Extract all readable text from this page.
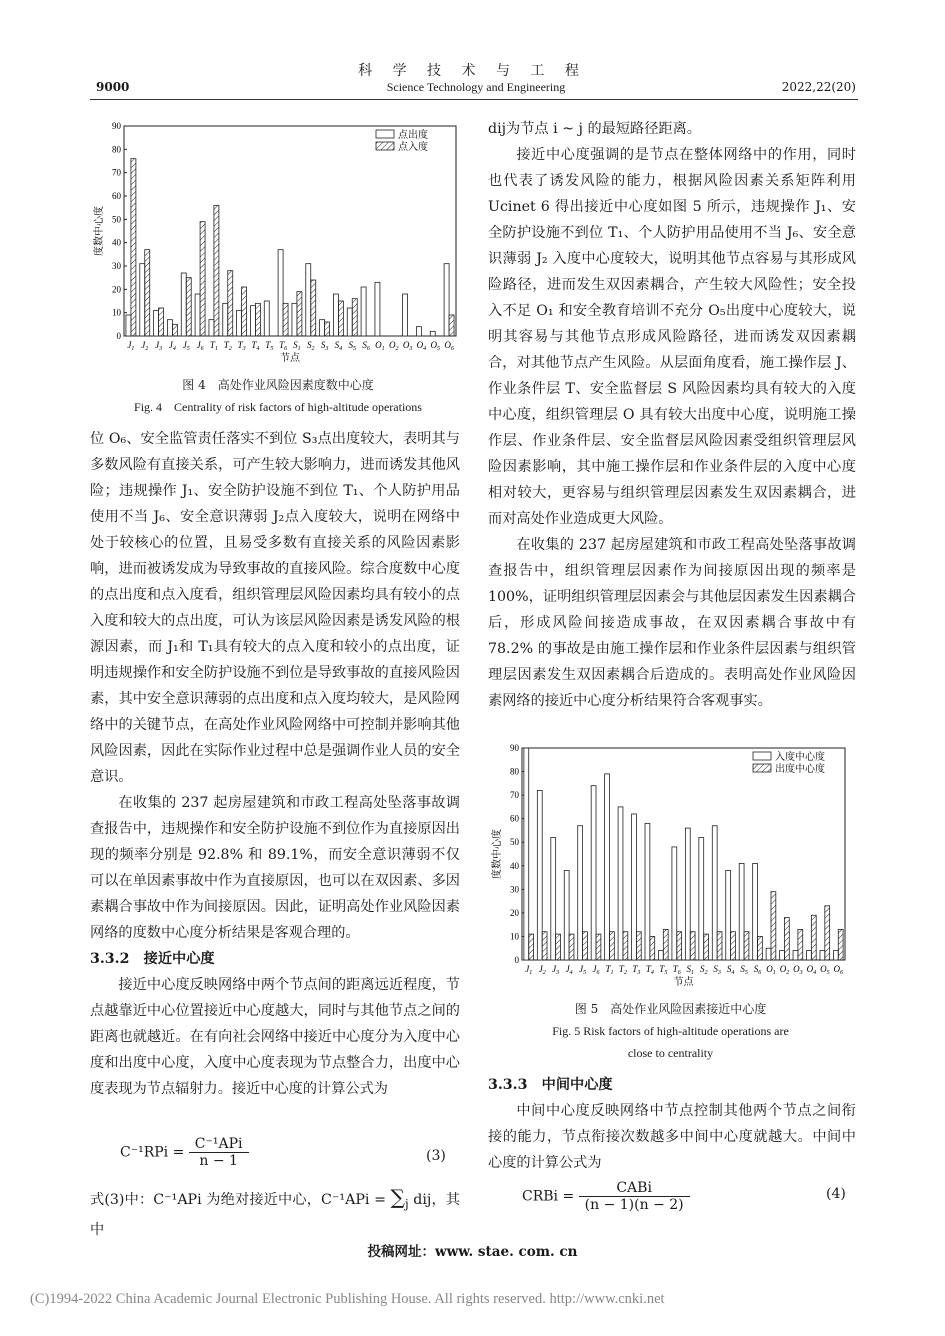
科 学 技 术 与 工 程
9000	Science Technology and Engineering	2022,22(20)
0
10
20
30
40
50
60
70
80
90
$J_1$ $J_2$ $J_3$ $J_4$ $J_5$ $J_6$ $T_1$ $T_2$ $T_3$ $T_4$ $T_5$ $T_6$ $S_1$ $S_2$ $S_3$ $S_4$ $S_5$ $S_6$ $O_1$ $O_2$ $O_3$ $O_4$ $O_5$ $O_6$
节点
度数中心度
点出度
点入度
图 4　高处作业风险因素度数中心度
Fig. 4　Centrality of risk factors of high-altitude operations

位 O₆、安全监管责任落实不到位 S₃点出度较大，表明其与多数风险有直接关系，可产生较大影响力，进而诱发其他风险；违规操作 J₁、安全防护设施不到位 T₁、个人防护用品使用不当 J₆、安全意识薄弱 J₂点入度较大，说明在网络中处于较核心的位置，且易受多数有直接关系的风险因素影响，进而被诱发成为导致事故的直接风险。综合度数中心度的点出度和点入度看，组织管理层风险因素均具有较小的点入度和较大的点出度，可认为该层风险因素是诱发风险的根源因素，而 J₁和 T₁具有较大的点入度和较小的点出度，证明违规操作和安全防护设施不到位是导致事故的直接风险因素，其中安全意识薄弱的点出度和点入度均较大，是风险网络中的关键节点，在高处作业风险网络中可控制并影响其他风险因素，因此在实际作业过程中总是强调作业人员的安全意识。

在收集的 237 起房屋建筑和市政工程高处坠落事故调查报告中，违规操作和安全防护设施不到位作为直接原因出现的频率分别是 92.8% 和 89.1%，而安全意识薄弱不仅可以在单因素事故中作为直接原因，也可以在双因素、多因素耦合事故中作为间接原因。因此，证明高处作业风险因素网络的度数中心度分析结果是客观合理的。

3.3.2　接近中心度

接近中心度反映网络中两个节点间的距离远近程度，节点越靠近中心位置接近中心度越大，同时与其他节点之间的距离也就越近。在有向社会网络中接近中心度分为入度中心度和出度中心度，入度中心度表现为节点整合力，出度中心度表现为节点辐射力。接近中心度的计算公式为

$C^{-1}RPi = \frac{\text{C⁻¹APi}}{n - 1}$	(3)
式(3)中：C⁻¹APi 为绝对接近中心，$C^{-1}APi = \sum_j$ dij，其中

dij为节点 i ~ j 的最短路径距离。

接近中心度强调的是节点在整体网络中的作用，同时也代表了诱发风险的能力，根据风险因素关系矩阵利用 Ucinet 6 得出接近中心度如图 5 所示，违规操作 J₁、安全防护设施不到位 T₁、个人防护用品使用不当 J₆、安全意识薄弱 J₂ 入度中心度较大，说明其他节点容易与其形成风险路径，进而发生双因素耦合，产生较大风险性；安全投入不足 O₁ 和安全教育培训不充分 O₅出度中心度较大，说明其容易与其他节点形成风险路径，进而诱发双因素耦合，对其他节点产生风险。从层面角度看，施工操作层 J、作业条件层 T、安全监督层 S 风险因素均具有较大的入度中心度，组织管理层 O 具有较大出度中心度，说明施工操作层、作业条件层、安全监督层风险因素受组织管理层风险因素影响，其中施工操作层和作业条件层的入度中心度相对较大，更容易与组织管理层因素发生双因素耦合，进而对高处作业造成更大风险。

在收集的 237 起房屋建筑和市政工程高处坠落事故调查报告中，组织管理层因素作为间接原因出现的频率是 100%，证明组织管理层因素会与其他层因素发生因素耦合后，形成风险间接造成事故，在双因素耦合事故中有 78.2% 的事故是由施工操作层和作业条件层因素与组织管理层因素发生双因素耦合后造成的。表明高处作业风险因素网络的接近中心度分析结果符合客观事实。

0
10
20
30
40
50
60
70
80
90
$J_1$ $J_2$ $J_3$ $J_4$ $J_5$ $J_6$ $T_1$ $T_2$ $T_3$ $T_4$ $T_5$ $T_6$ $S_1$ $S_2$ $S_3$ $S_4$ $S_5$ $S_6$ $O_1$ $O_2$ $O_3$ $O_4$ $O_5$ $O_6$
节点
度数中心度
入度中心度
出度中心度
图 5　高处作业风险因素接近中心度
Fig. 5 Risk factors of high-altitude operations are
close to centrality

3.3.3　中间中心度

中间中心度反映网络中节点控制其他两个节点之间衔接的能力，节点衔接次数越多中间中心度就越大。中间中心度的计算公式为

CRBi = $\frac{\text{CABi}}{(n - 1)(n - 2)}$	(4)
投稿网址：www. stae. com. cn
(C)1994-2022 China Academic Journal Electronic Publishing House. All rights reserved. http://www.cnki.net
